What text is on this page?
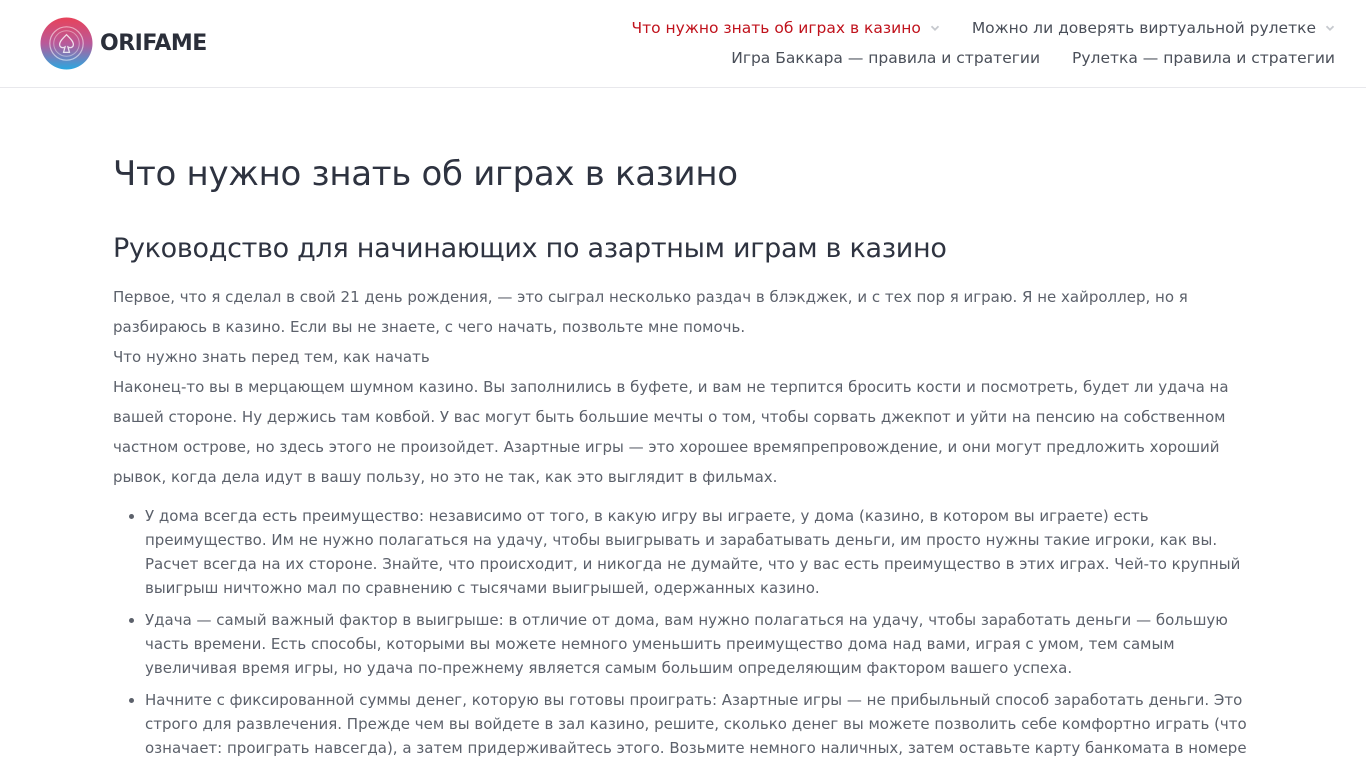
ORIFAME
Что нужно знать об играх в казино	Можно ли доверять виртуальной рулетке
Игра Баккара — правила и стратегии Рулетка — правила и стратегии
Что нужно знать об играх в казино
Руководство для начинающих по азартным играм в казино
Первое, что я сделал в свой 21 день рождения, — это сыграл несколько раздач в блэкджек, и с тех пор я играю. Я не хайроллер, но я разбираюсь в казино. Если вы не знаете, с чего начать, позвольте мне помочь.
Что нужно знать перед тем, как начать
Наконец-то вы в мерцающем шумном казино. Вы заполнились в буфете, и вам не терпится бросить кости и посмотреть, будет ли удача на вашей стороне. Ну держись там ковбой. У вас могут быть большие мечты о том, чтобы сорвать джекпот и уйти на пенсию на собственном частном острове, но здесь этого не произойдет. Азартные игры — это хорошее времяпрепровождение, и они могут предложить хороший рывок, когда дела идут в вашу пользу, но это не так, как это выглядит в фильмах.
• У дома всегда есть преимущество: независимо от того, в какую игру вы играете, у дома (казино, в котором вы играете) есть преимущество. Им не нужно полагаться на удачу, чтобы выигрывать и зарабатывать деньги, им просто нужны такие игроки, как вы. Расчет всегда на их стороне. Знайте, что происходит, и никогда не думайте, что у вас есть преимущество в этих играх. Чей-то крупный выигрыш ничтожно мал по сравнению с тысячами выигрышей, одержанных казино.
• Удача — самый важный фактор в выигрыше: в отличие от дома, вам нужно полагаться на удачу, чтобы заработать деньги — большую часть времени. Есть способы, которыми вы можете немного уменьшить преимущество дома над вами, играя с умом, тем самым увеличивая время игры, но удача по-прежнему является самым большим определяющим фактором вашего успеха.
• Начните с фиксированной суммы денег, которую вы готовы проиграть: Азартные игры — не прибыльный способ заработать деньги. Это строго для развлечения. Прежде чем вы войдете в зал казино, решите, сколько денег вы можете позволить себе комфортно играть (что означает: проиграть навсегда), а затем придерживайтесь этого. Возьмите немного наличных, затем оставьте карту банкомата в номере
